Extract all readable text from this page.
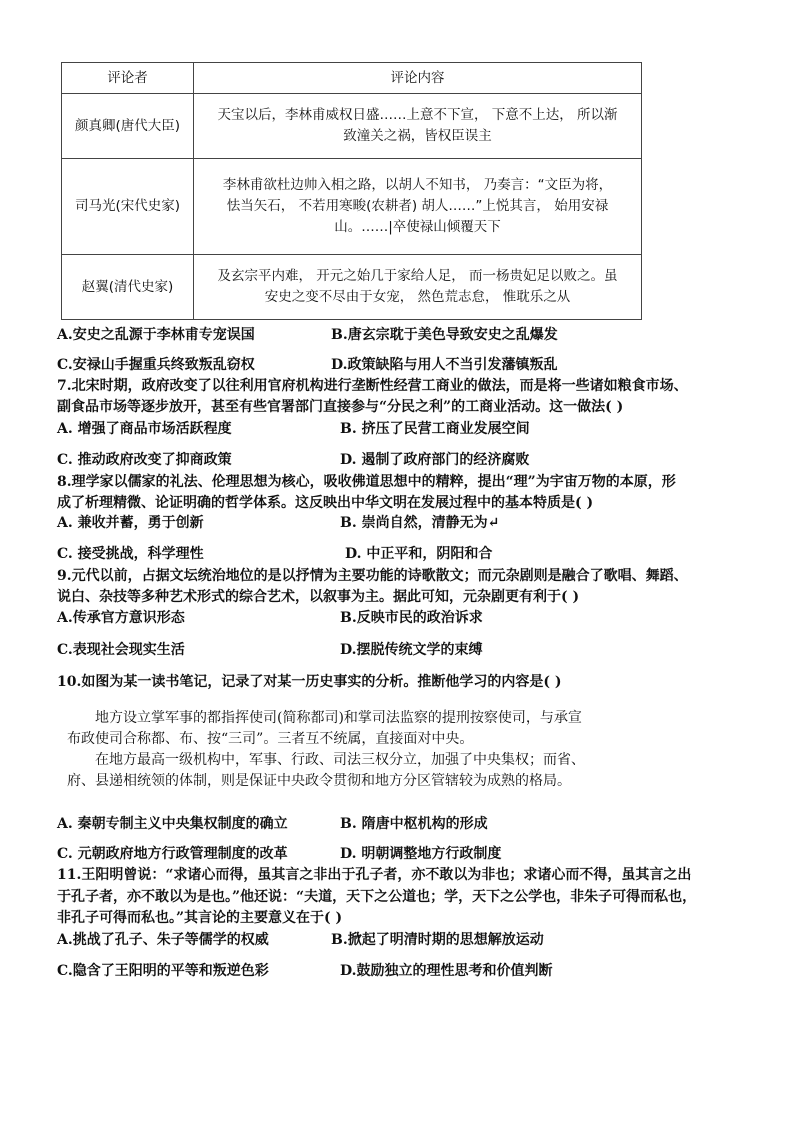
评论者	评论内容
颜真卿(唐代大臣)	天宝以后，李林甫威权日盛……上意不下宣， 下意不上达， 所以渐
致潼关之祸，皆权臣误主

司马光(宋代史家)	李林甫欲杜边帅入相之路，以胡人不知书， 乃奏言：“文臣为将，
怯当矢石， 不若用寒畯(农耕者) 胡人……”上悦其言， 始用安禄
山。……|卒使禄山倾覆天下

赵翼(清代史家)	及玄宗平内难， 开元之始几于家给人足， 而一杨贵妃足以败之。虽
安史之变不尽由于女宠， 然色荒志怠， 惟耽乐之从
A.安史之乱源于李林甫专宠误国	B.唐玄宗耽于美色导致安史之乱爆发
C.安禄山手握重兵终致叛乱窃权	D.政策缺陷与用人不当引发藩镇叛乱
7.北宋时期，政府改变了以往利用官府机构进行垄断性经营工商业的做法，而是将一些诸如粮食市场、
副食品市场等逐步放开，甚至有些官署部门直接参与“分民之利”的工商业活动。这一做法( )
A. 增强了商品市场活跃程度	B. 挤压了民营工商业发展空间
C. 推动政府改变了抑商政策	D. 遏制了政府部门的经济腐败
8.理学家以儒家的礼法、伦理思想为核心，吸收佛道思想中的精粹，提出“理”为宇宙万物的本原，形
成了析理精微、论证明确的哲学体系。这反映出中华文明在发展过程中的基本特质是( )
A. 兼收并蓄，勇于创新	B. 崇尚自然，清静无为↵
C. 接受挑战，科学理性	D. 中正平和，阴阳和合
9.元代以前，占据文坛统治地位的是以抒情为主要功能的诗歌散文；而元杂剧则是融合了歌唱、舞蹈、
说白、杂技等多种艺术形式的综合艺术，以叙事为主。据此可知，元杂剧更有利于( )
A.传承官方意识形态	B.反映市民的政治诉求
C.表现社会现实生活	D.摆脱传统文学的束缚
10.如图为某一读书笔记，记录了对某一历史事实的分析。推断他学习的内容是( )
地方设立掌军事的都指挥使司(简称都司)和掌司法监察的提刑按察使司，与承宣
布政使司合称都、布、按“三司”。三者互不统属，直接面对中央。
在地方最高一级机构中，军事、行政、司法三权分立，加强了中央集权；而省、
府、县递相统领的体制，则是保证中央政令贯彻和地方分区管辖较为成熟的格局。
A. 秦朝专制主义中央集权制度的确立	B. 隋唐中枢机构的形成
C. 元朝政府地方行政管理制度的改革	D. 明朝调整地方行政制度
11.王阳明曾说：“求诸心而得，虽其言之非出于孔子者，亦不敢以为非也；求诸心而不得，虽其言之出
于孔子者，亦不敢以为是也。”他还说：“夫道，天下之公道也；学，天下之公学也，非朱子可得而私也，
非孔子可得而私也。”其言论的主要意义在于( )
A.挑战了孔子、朱子等儒学的权威	B.掀起了明清时期的思想解放运动
C.隐含了王阳明的平等和叛逆色彩	D.鼓励独立的理性思考和价值判断
